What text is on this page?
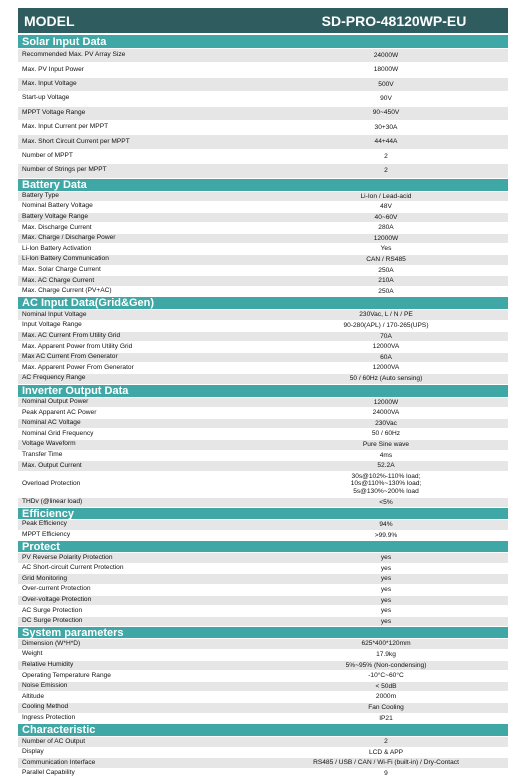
MODEL	SD-PRO-48120WP-EU
Solar Input Data
Recommended Max. PV Array Size	24000W
Max. PV Input Power	18000W
Max. Input Voltage	500V
Start-up Voltage	90V
MPPT Voltage Range	90~450V
Max. Input Current per MPPT	30+30A
Max. Short Circuit Current per MPPT	44+44A
Number of MPPT	2
Number of Strings per MPPT	2
Battery Data
Battery Type	Li-Ion / Lead-acid
Nominal Battery Voltage	48V
Battery Voltage Range	40~60V
Max. Discharge Current	280A
Max. Charge / Discharge Power	12000W
Li-Ion Battery Activation	Yes
Li-Ion Battery Communication	CAN / RS485
Max. Solar Charge Current	250A
Max. AC Charge Current	210A
Max. Charge Current (PV+AC)	250A
AC Input Data(Grid&Gen)
Nominal Input Voltage	230Vac, L / N / PE
Input Voltage Range	90-280(APL) / 170-265(UPS)
Max. AC Current From Utility Grid	70A
Max. Apparent Power from Utility Grid	12000VA
Max AC Current From Generator	60A
Max. Apparent Power From Generator	12000VA
AC Frequency Range	50 / 60Hz (Auto sensing)
Inverter Output Data
Nominal Output Power	12000W
Peak Apparent AC Power	24000VA
Nominal AC Voltage	230Vac
Nominal Grid Frequency	50 / 60Hz
Voltage Waveform	Pure Sine wave
Transfer Time	4ms
Max. Output Current	52.2A
Overload Protection
30s@102%-110% load;
10s@110%~130% load;
5s@130%~200% load
THDv (@linear load)	<5%
Efficiency
Peak Efficiency	94%
MPPT Efficiency	>99.9%
Protect
PV Reverse Polarity Protection	yes
AC Short-circuit Current Protection	yes
Grid Monitoring	yes
Over-current Protection	yes
Over-voltage Protection	yes
AC Surge Protection	yes
DC Surge Protection	yes
System parameters
Dimension (W*H*D)	625*400*120mm
Weight	17.9kg
Relative Humidity	5%~95% (Non-condensing)
Operating Temperature Range	-10°C~60°C
Noise Emission	< 50dB
Altitude	2000m
Cooling Method	Fan Cooling
Ingress Protection	IP21
Characteristic
Number of AC Output	2
Display	LCD & APP
Communication Interface	RS485 / USB / CAN / Wi-Fi (built-in) / Dry-Contact
Parallel Capability	9
